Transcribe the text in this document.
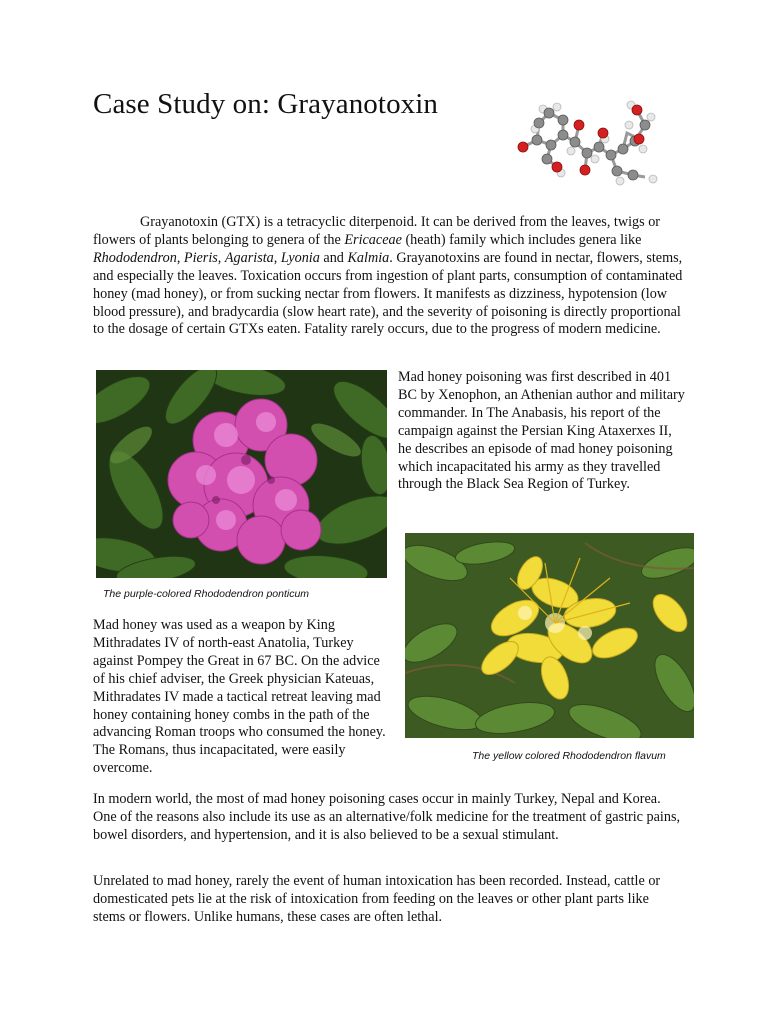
Case Study on: Grayanotoxin

Grayanotoxin (GTX) is a tetracyclic diterpenoid. It can be derived from the leaves, twigs or flowers of plants belonging to genera of the Ericaceae (heath) family which includes genera like Rhododendron, Pieris, Agarista, Lyonia and Kalmia. Grayanotoxins are found in nectar, flowers, stems, and especially the leaves. Toxication occurs from ingestion of plant parts, consumption of contaminated honey (mad honey), or from sucking nectar from flowers. It manifests as dizziness, hypotension (low blood pressure), and bradycardia (slow heart rate), and the severity of poisoning is directly proportional to the dosage of certain GTXs eaten. Fatality rarely occurs, due to the progress of modern medicine.

The purple-colored Rhododendron ponticum

Mad honey poisoning was first described in 401 BC by Xenophon, an Athenian author and military commander. In The Anabasis, his report of the campaign against the Persian King Ataxerxes II, he describes an episode of mad honey poisoning which incapacitated his army as they travelled through the Black Sea Region of Turkey.

Mad honey was used as a weapon by King Mithradates IV of north-east Anatolia, Turkey against Pompey the Great in 67 BC. On the advice of his chief adviser, the Greek physician Kateuas, Mithradates IV made a tactical retreat leaving mad honey containing honey combs in the path of the advancing Roman troops who consumed the honey. The Romans, thus incapacitated, were easily overcome.

The yellow colored Rhododendron flavum

In modern world, the most of mad honey poisoning cases occur in mainly Turkey, Nepal and Korea. One of the reasons also include its use as an alternative/folk medicine for the treatment of gastric pains, bowel disorders, and hypertension, and it is also believed to be a sexual stimulant.

Unrelated to mad honey, rarely the event of human intoxication has been recorded. Instead, cattle or domesticated pets lie at the risk of intoxication from feeding on the leaves or other plant parts like stems or flowers. Unlike humans, these cases are often lethal.
